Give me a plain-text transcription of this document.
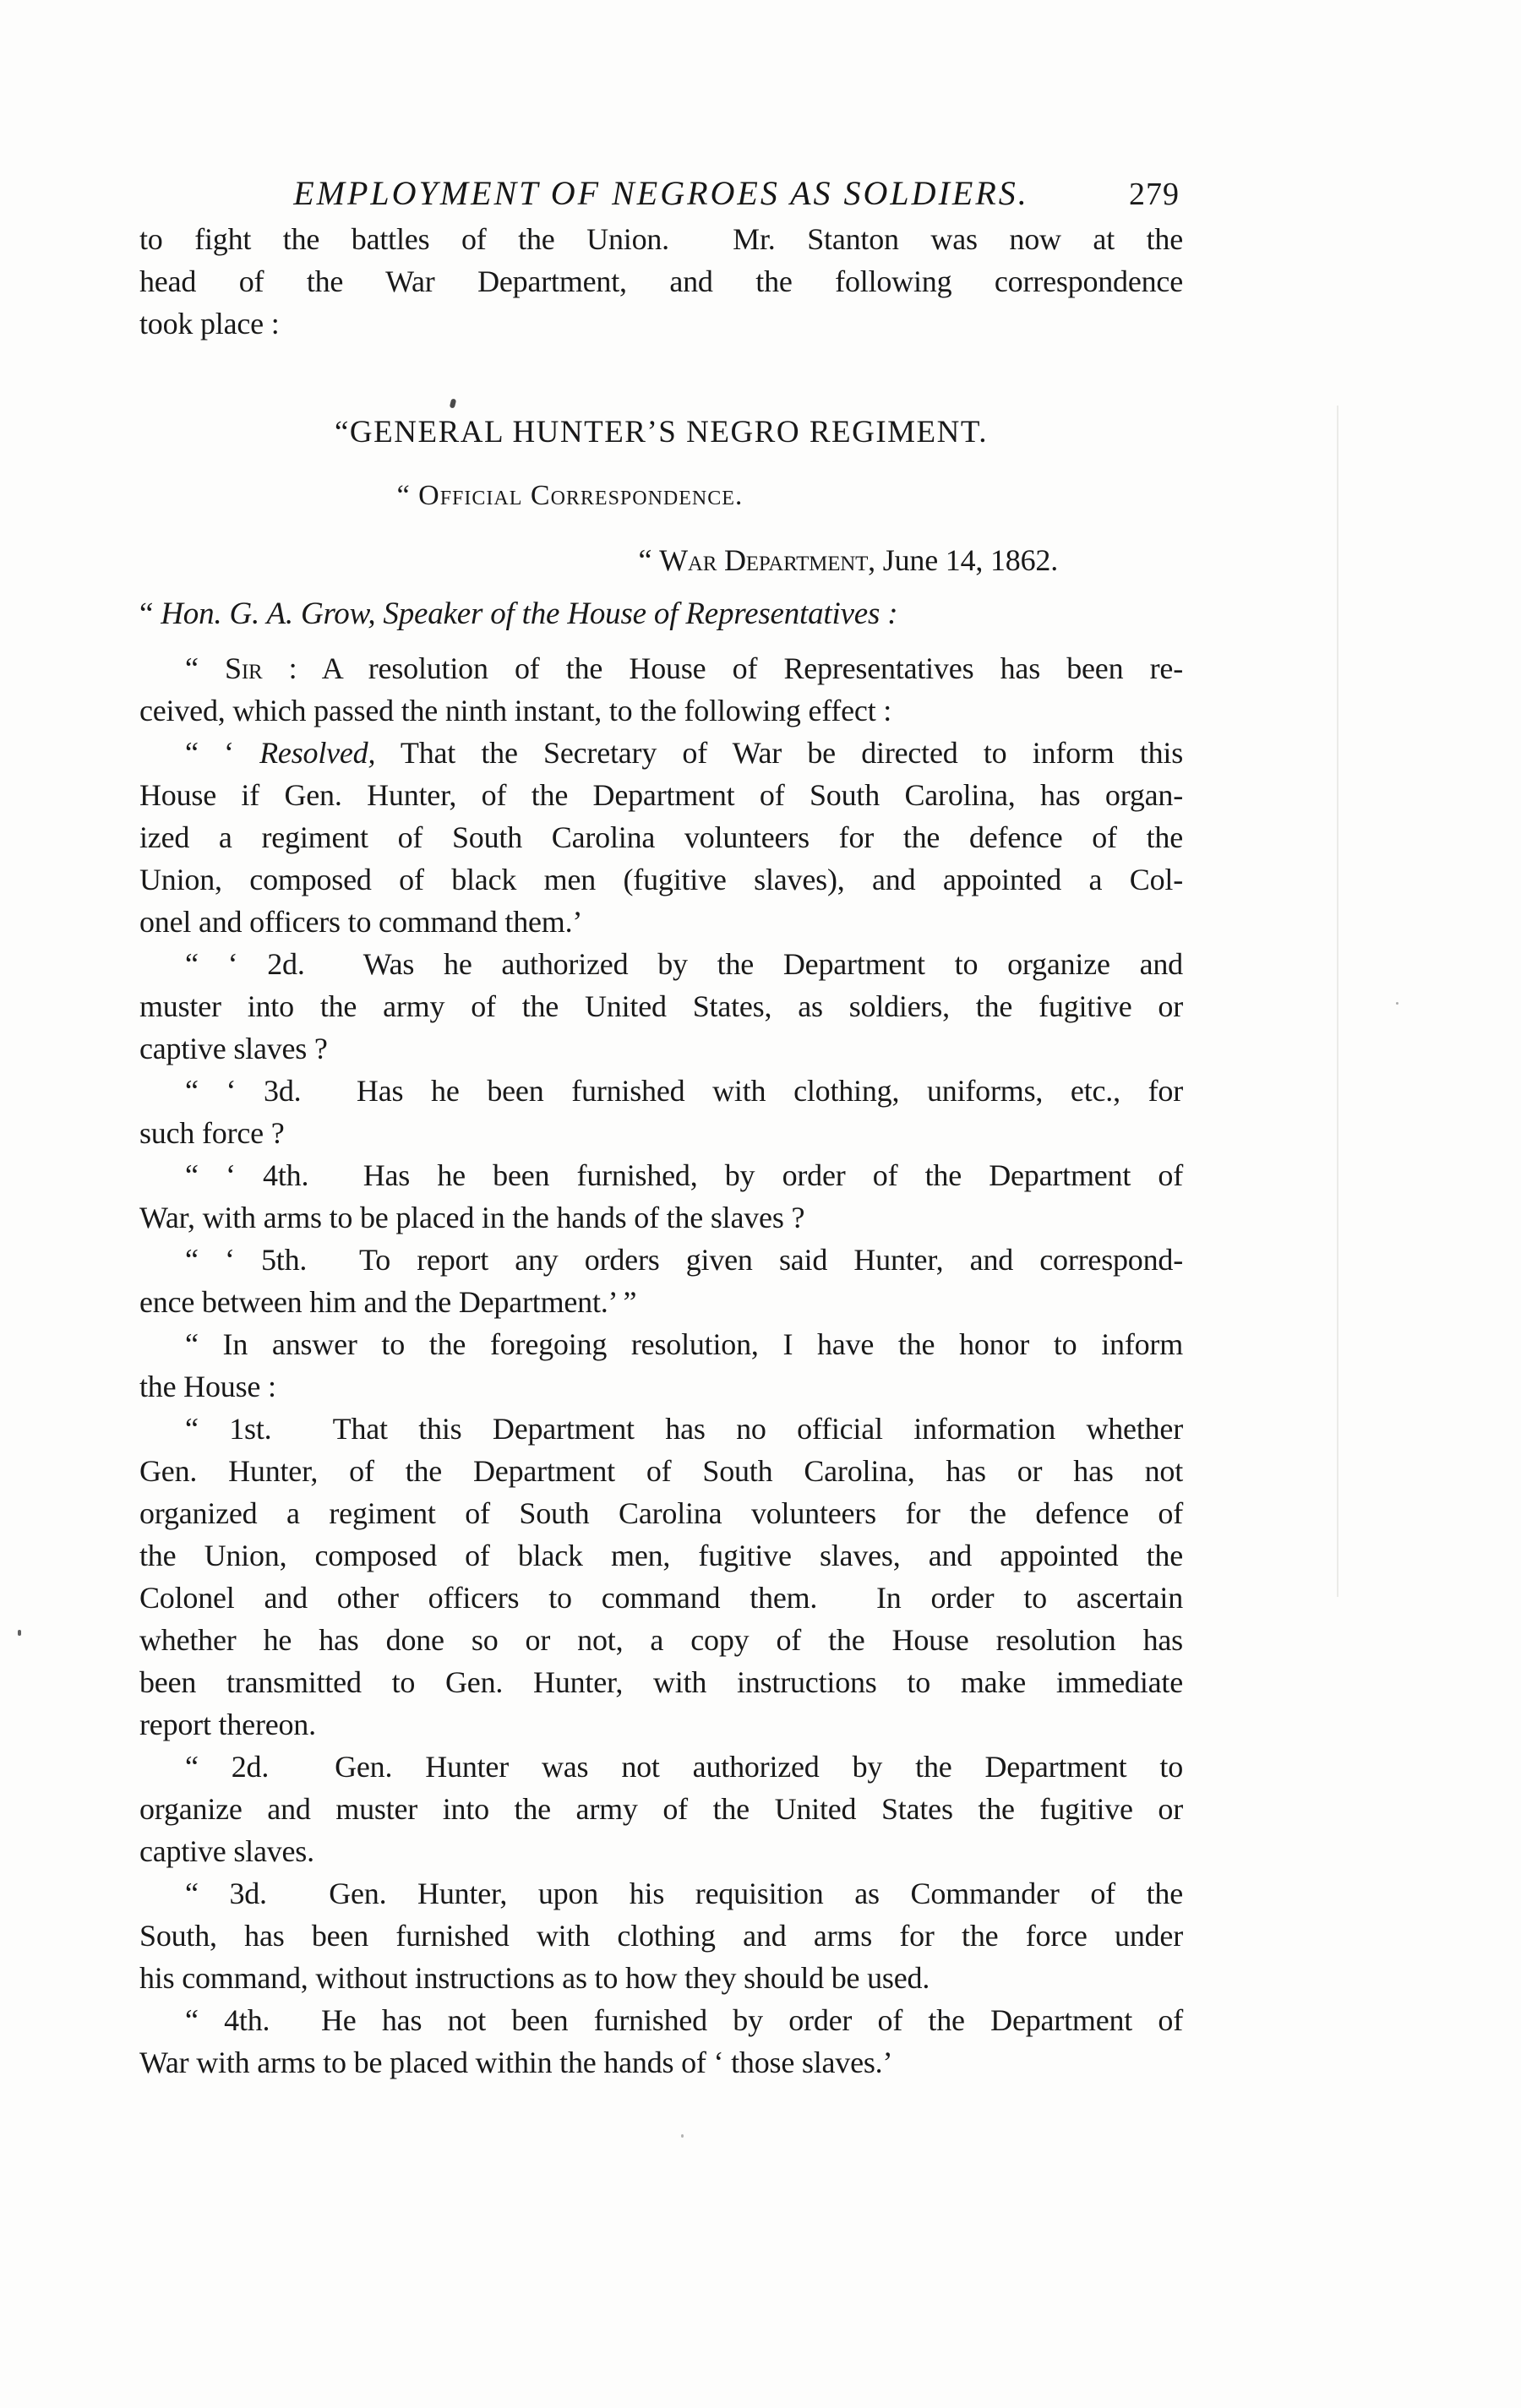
EMPLOYMENT OF NEGROES AS SOLDIERS.	279
to fight the battles of the Union.  Mr. Stanton was now at the
head of the War Department, and the following correspondence
took place :
“GENERAL HUNTER’S NEGRO REGIMENT.
“ Official Correspondence.
“ War Department, June 14, 1862.
“ Hon. G. A. Grow, Speaker of the House of Representatives :
“ Sir : A resolution of the House of Representatives has been re-
ceived, which passed the ninth instant, to the following effect :
“ ‘ Resolved, That the Secretary of War be directed to inform this
House if Gen. Hunter, of the Department of South Carolina, has organ-
ized a regiment of South Carolina volunteers for the defence of the
Union, composed of black men (fugitive slaves), and appointed a Col-
onel and officers to command them.’
“ ‘ 2d.  Was he authorized by the Department to organize and
muster into the army of the United States, as soldiers, the fugitive or
captive slaves ?
“ ‘ 3d.  Has he been furnished with clothing, uniforms, etc., for
such force ?
“ ‘ 4th.  Has he been furnished, by order of the Department of
War, with arms to be placed in the hands of the slaves ?
“ ‘ 5th.  To report any orders given said Hunter, and correspond-
ence between him and the Department.’ ”
“ In answer to the foregoing resolution, I have the honor to inform
the House :
“ 1st.  That this Department has no official information whether
Gen. Hunter, of the Department of South Carolina, has or has not
organized a regiment of South Carolina volunteers for the defence of
the Union, composed of black men, fugitive slaves, and appointed the
Colonel and other officers to command them.  In order to ascertain
whether he has done so or not, a copy of the House resolution has
been transmitted to Gen. Hunter, with instructions to make immediate
report thereon.
“ 2d.  Gen. Hunter was not authorized by the Department to
organize and muster into the army of the United States the fugitive or
captive slaves.
“ 3d.  Gen. Hunter, upon his requisition as Commander of the
South, has been furnished with clothing and arms for the force under
his command, without instructions as to how they should be used.
“ 4th.  He has not been furnished by order of the Department of
War with arms to be placed within the hands of ‘ those slaves.’
